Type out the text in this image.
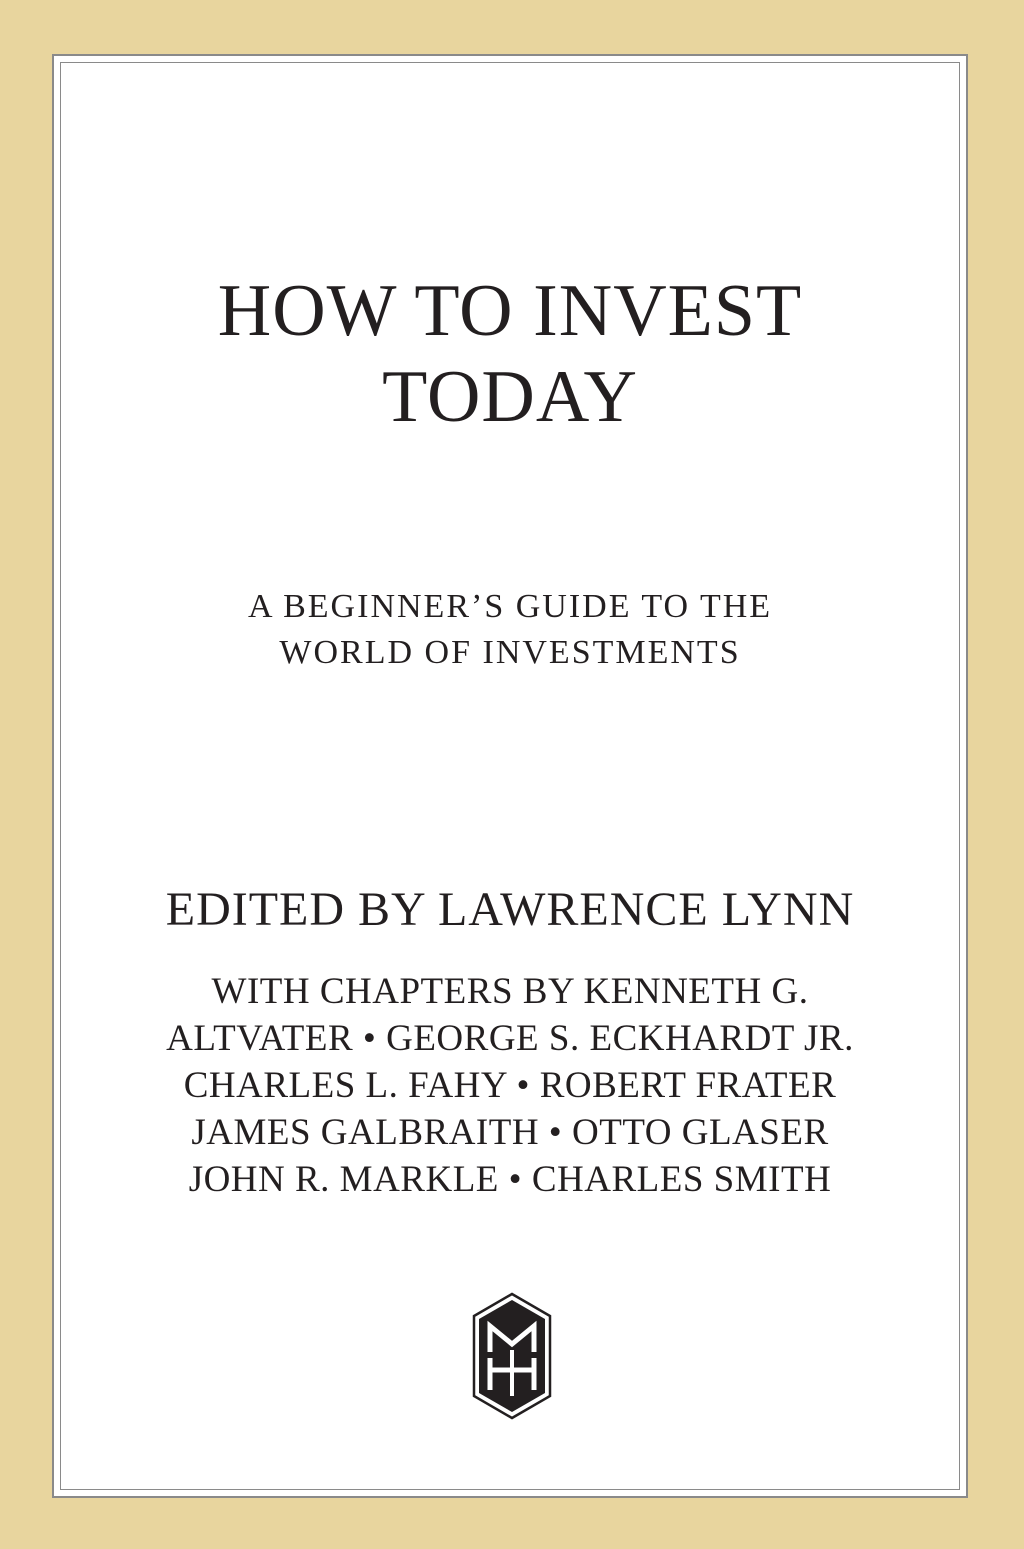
HOW TO INVEST
TODAY

A BEGINNER’S GUIDE TO THE
WORLD OF INVESTMENTS

EDITED BY LAWRENCE LYNN

WITH CHAPTERS BY KENNETH G.
ALTVATER • GEORGE S. ECKHARDT JR.
CHARLES L. FAHY • ROBERT FRATER
JAMES GALBRAITH • OTTO GLASER
JOHN R. MARKLE • CHARLES SMITH
